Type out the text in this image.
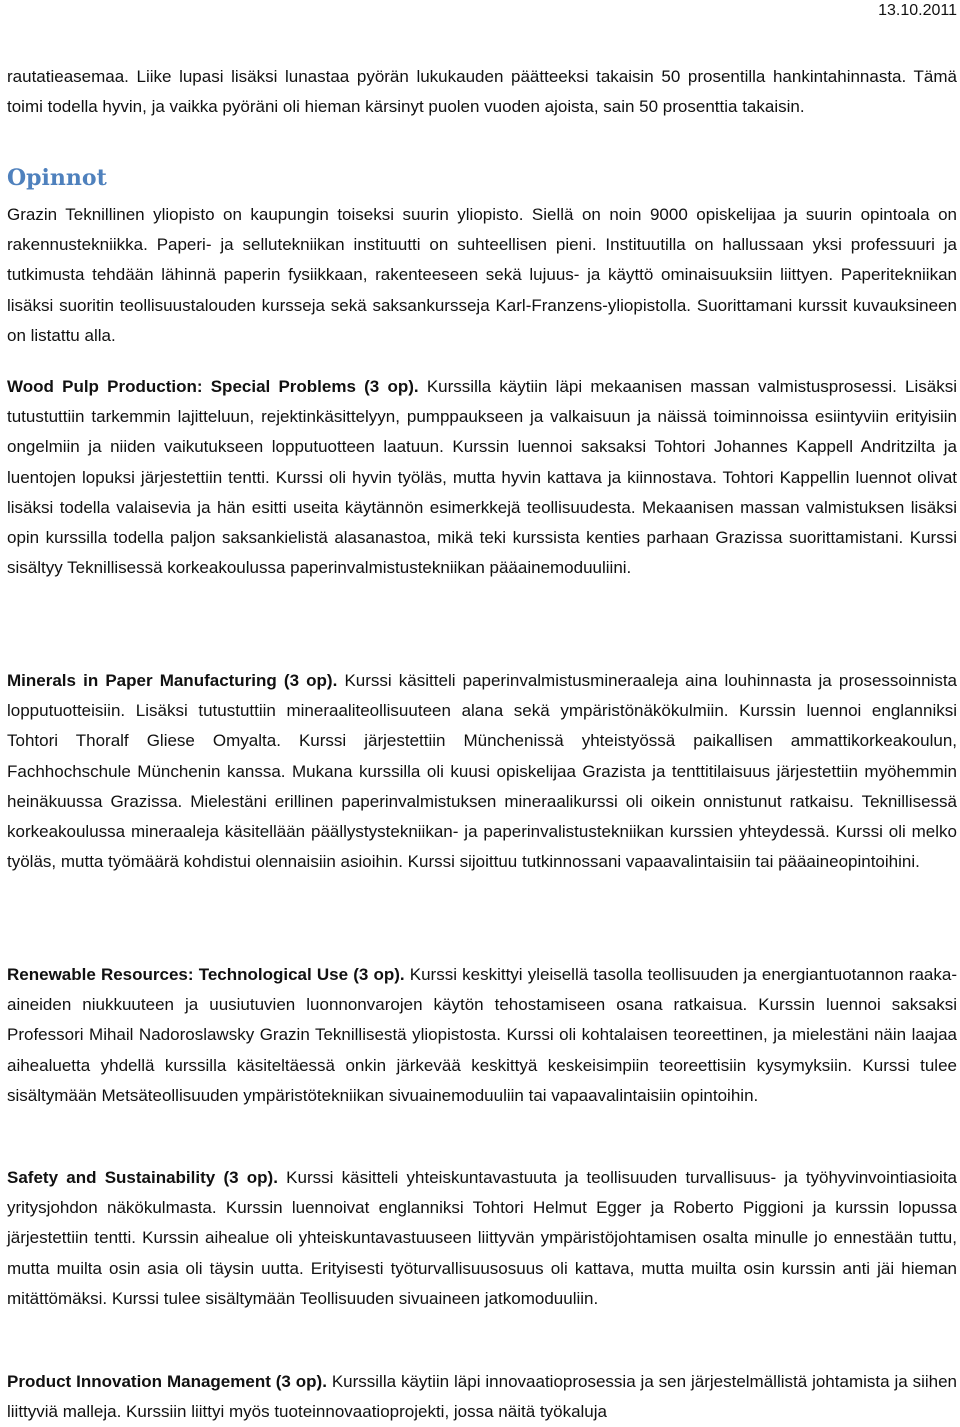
13.10.2011

rautatieasemaa. Liike lupasi lisäksi lunastaa pyörän lukukauden päätteeksi takaisin 50 prosentilla hankintahinnasta. Tämä toimi todella hyvin, ja vaikka pyöräni oli hieman kärsinyt puolen vuoden ajoista, sain 50 prosenttia takaisin.

Opinnot

Grazin Teknillinen yliopisto on kaupungin toiseksi suurin yliopisto. Siellä on noin 9000 opiskelijaa ja suurin opintoala on rakennustekniikka. Paperi- ja sellutekniikan instituutti on suhteellisen pieni. Instituutilla on hallussaan yksi professuuri ja tutkimusta tehdään lähinnä paperin fysiikkaan, rakenteeseen sekä lujuus- ja käyttö ominaisuuksiin liittyen. Paperitekniikan lisäksi suoritin teollisuustalouden kursseja sekä saksankursseja Karl-Franzens-yliopistolla. Suorittamani kurssit kuvauksineen on listattu alla.

Wood Pulp Production: Special Problems (3 op). Kurssilla käytiin läpi mekaanisen massan valmistusprosessi. Lisäksi tutustuttiin tarkemmin lajitteluun, rejektinkäsittelyyn, pumppaukseen ja valkaisuun ja näissä toiminnoissa esiintyviin erityisiin ongelmiin ja niiden vaikutukseen lopputuotteen laatuun. Kurssin luennoi saksaksi Tohtori Johannes Kappell Andritzilta ja luentojen lopuksi järjestettiin tentti. Kurssi oli hyvin työläs, mutta hyvin kattava ja kiinnostava. Tohtori Kappellin luennot olivat lisäksi todella valaisevia ja hän esitti useita käytännön esimerkkejä teollisuudesta. Mekaanisen massan valmistuksen lisäksi opin kurssilla todella paljon saksankielistä alasanastoa, mikä teki kurssista kenties parhaan Grazissa suorittamistani. Kurssi sisältyy Teknillisessä korkeakoulussa paperinvalmistustekniikan pääainemoduuliini.

Minerals in Paper Manufacturing (3 op). Kurssi käsitteli paperinvalmistusmineraaleja aina louhinnasta ja prosessoinnista lopputuotteisiin. Lisäksi tutustuttiin mineraaliteollisuuteen alana sekä ympäristönäkökulmiin. Kurssin luennoi englanniksi Tohtori Thoralf Gliese Omyalta. Kurssi järjestettiin Münchenissä yhteistyössä paikallisen ammattikorkeakoulun, Fachhochschule Münchenin kanssa. Mukana kurssilla oli kuusi opiskelijaa Grazista ja tenttitilaisuus järjestettiin myöhemmin heinäkuussa Grazissa. Mielestäni erillinen paperinvalmistuksen mineraalikurssi oli oikein onnistunut ratkaisu. Teknillisessä korkeakoulussa mineraaleja käsitellään päällystystekniikan- ja paperinvalistustekniikan kurssien yhteydessä. Kurssi oli melko työläs, mutta työmäärä kohdistui olennaisiin asioihin. Kurssi sijoittuu tutkinnossani vapaavalintaisiin tai pääaineopintoihini.

Renewable Resources: Technological Use (3 op). Kurssi keskittyi yleisellä tasolla teollisuuden ja energiantuotannon raaka-aineiden niukkuuteen ja uusiutuvien luonnonvarojen käytön tehostamiseen osana ratkaisua. Kurssin luennoi saksaksi Professori Mihail Nadoroslawsky Grazin Teknillisestä yliopistosta. Kurssi oli kohtalaisen teoreettinen, ja mielestäni näin laajaa aihealuetta yhdellä kurssilla käsiteltäessä onkin järkevää keskittyä keskeisimpiin teoreettisiin kysymyksiin. Kurssi tulee sisältymään Metsäteollisuuden ympäristötekniikan sivuainemoduuliin tai vapaavalintaisiin opintoihin.

Safety and Sustainability (3 op). Kurssi käsitteli yhteiskuntavastuuta ja teollisuuden turvallisuus- ja työhyvinvointiasioita yritysjohdon näkökulmasta. Kurssin luennoivat englanniksi Tohtori Helmut Egger ja Roberto Piggioni ja kurssin lopussa järjestettiin tentti. Kurssin aihealue oli yhteiskuntavastuuseen liittyvän ympäristöjohtamisen osalta minulle jo ennestään tuttu, mutta muilta osin asia oli täysin uutta. Erityisesti työturvallisuusosuus oli kattava, mutta muilta osin kurssin anti jäi hieman mitättömäksi. Kurssi tulee sisältymään Teollisuuden sivuaineen jatkomoduuliin.

Product Innovation Management (3 op). Kurssilla käytiin läpi innovaatioprosessia ja sen järjestelmällistä johtamista ja siihen liittyviä malleja. Kurssiin liittyi myös tuoteinnovaatioprojekti, jossa näitä työkaluja
